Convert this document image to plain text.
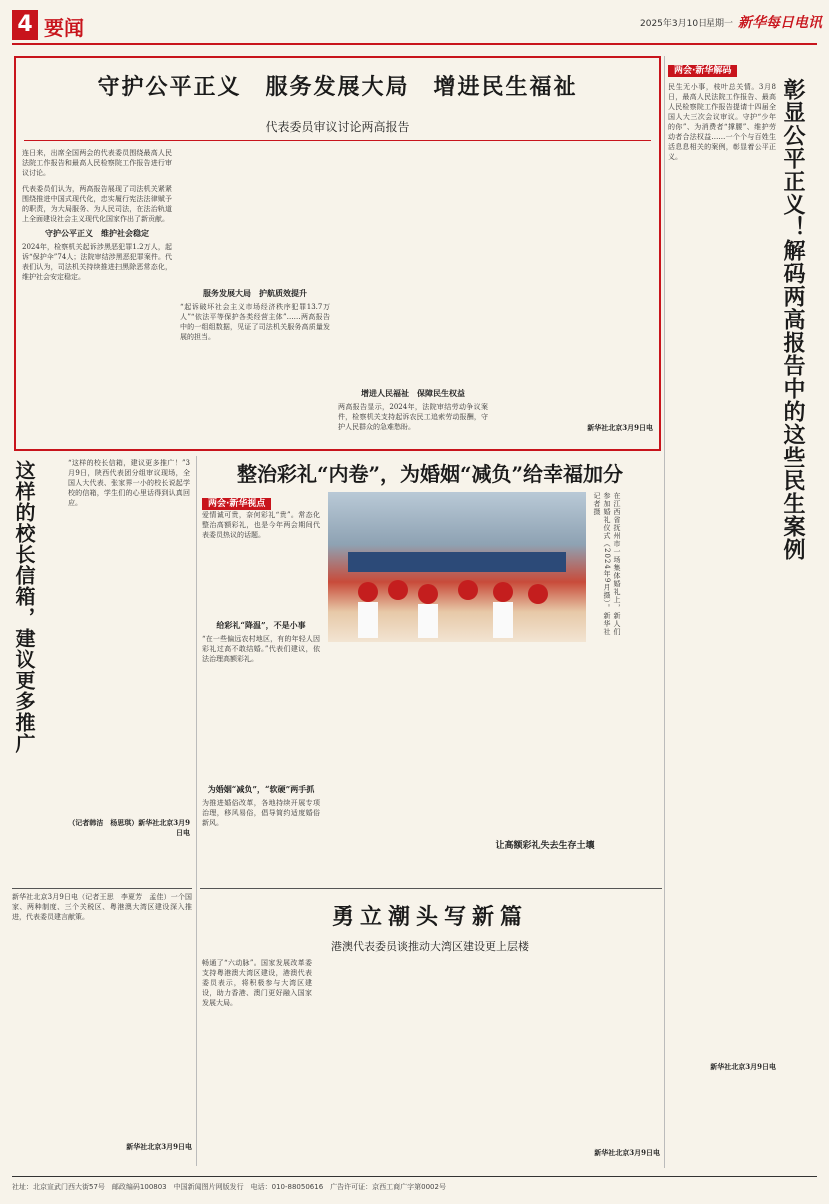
4 要闻	2025年3月10日
星期一 新华每日电讯
守护公平正义　服务发展大局　增进民生福祉
代表委员审议讨论两高报告
连日来，出席全国两会的代表委员围绕最高人民法院工作报告和最高人民检察院工作报告进行审议讨论。
代表委员们认为，两高报告展现了司法机关紧紧围绕推进中国式现代化，忠实履行宪法法律赋予的职责，为大局服务、为人民司法，在法治轨道上全面建设社会主义现代化国家作出了新贡献。
守护公平正义　维护社会稳定
2024年，检察机关起诉涉黑恶犯罪1.2万人，起诉“保护伞”74人；法院审结涉黑恶犯罪案件。代表们认为，司法机关持续推进扫黑除恶常态化，维护社会安定稳定。
服务发展大局　护航质效提升
“起诉破坏社会主义市场经济秩序犯罪13.7万人”“依法平等保护各类经营主体”……两高报告中的一组组数据，见证了司法机关服务高质量发展的担当。
增进人民福祉　保障民生权益
两高报告显示，2024年，法院审结劳动争议案件，检察机关支持起诉农民工追索劳动报酬，守护人民群众的急难愁盼。	新华社北京3月9日电
两会·新华解码
彰显公平正义！解码两高报告中的这些民生案例
民生无小事，枝叶总关情。3月8日，最高人民法院工作报告、最高人民检察院工作报告提请十四届全国人大三次会议审议。守护“少年的你”、为消费者“撑腰”、维护劳动者合法权益……一个个与百姓生活息息相关的案例，彰显着公平正义。
新华社北京3月9日电
这样的校长信箱，建议更多推广	“这样的校长信箱，建议更多推广！”3月9日，陕西代表团分组审议现场，全国人大代表、张家界一小的校长说起学校的信箱，学生们的心里话得到认真回应。
（记者韩洁　杨思琪）新华社北京3月9日电
新华社北京3月9日电（记者王思　李夏芳　孟佳）一个国家、两种制度、三个关税区、粤港澳大湾区建设深入推进，代表委员建言献策。
新华社北京3月9日电
整治彩礼“内卷”，为婚姻“减负”给幸福加分
两会·新华视点
爱情诚可贵，奈何彩礼“贵”。常态化整治高额彩礼，也是今年两会期间代表委员热议的话题。
给彩礼“降温”，不是小事
“在一些偏远农村地区，有的年轻人因彩礼过高不敢结婚。”代表们建议，依法治理高额彩礼。
为婚姻“减负”，“软硬”两手抓
为推进婚俗改革，各地持续开展专项治理，移风易俗，倡导简约适度婚俗新风。
在江西省抚州市一场集体婚礼上，新人们参加婚礼仪式（2024年9月摄）。新华社记者摄
让高额彩礼失去生存土壤
勇立潮头写新篇
港澳代表委员谈推动大湾区建设更上层楼
畅通了“六动脉”。国家发展改革委支持粤港澳大湾区建设，港澳代表委员表示，将积极参与大湾区建设，助力香港、澳门更好融入国家发展大局。
新华社北京3月9日电
社址：北京宣武门西大街57号　邮政编码100803　中国新闻图片网版发行　电话：010-88050616　广告许可证：京西工商广字第0002号
